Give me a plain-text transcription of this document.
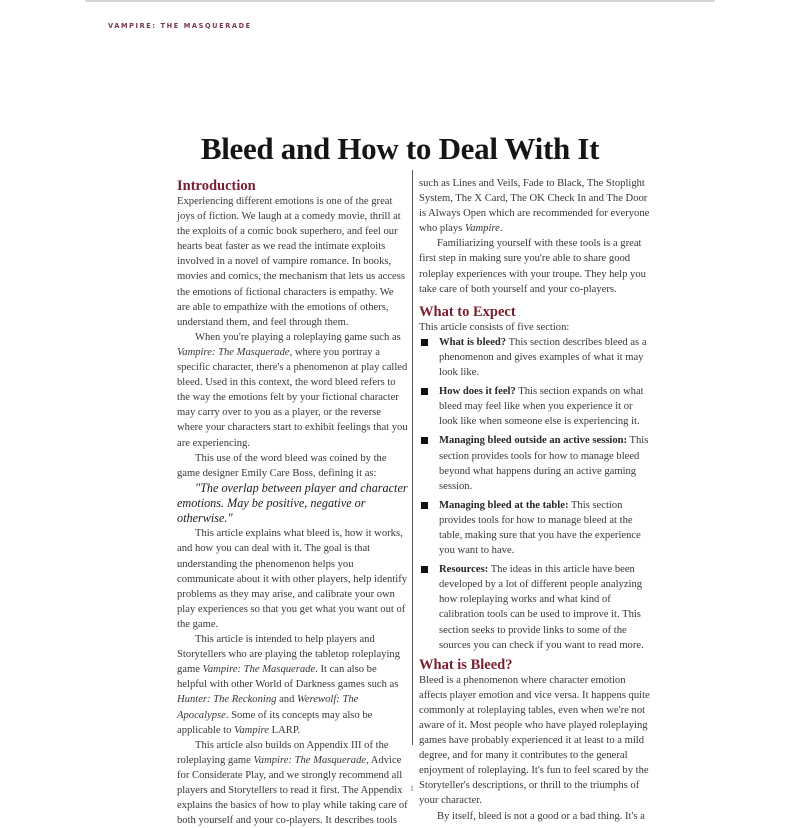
VAMPIRE: THE MASQUERADE
Bleed and How to Deal With It
Introduction

Experiencing different emotions is one of the great joys of fiction. We laugh at a comedy movie, thrill at the exploits of a comic book superhero, and feel our hearts beat faster as we read the intimate exploits involved in a novel of vampire romance. In books, movies and comics, the mechanism that lets us access the emotions of fictional characters is empathy. We are able to empathize with the emotions of others, understand them, and feel through them.

When you're playing a roleplaying game such as Vampire: The Masquerade, where you portray a specific character, there's a phenomenon at play called bleed. Used in this context, the word bleed refers to the way the emotions felt by your fictional character may carry over to you as a player, or the reverse where your characters start to exhibit feelings that you are experiencing.

This use of the word bleed was coined by the game designer Emily Care Boss, defining it as:

"The overlap between player and character emotions. May be positive, negative or otherwise."

This article explains what bleed is, how it works, and how you can deal with it. The goal is that understanding the phenomenon helps you communicate about it with other players, help identify problems as they may arise, and calibrate your own play experiences so that you get what you want out of the game.

This article is intended to help players and Storytellers who are playing the tabletop roleplaying game Vampire: The Masquerade. It can also be helpful with other World of Darkness games such as Hunter: The Reckoning and Werewolf: The Apocalypse. Some of its concepts may also be applicable to Vampire LARP.

This article also builds on Appendix III of the roleplaying game Vampire: The Masquerade, Advice for Considerate Play, and we strongly recommend all players and Storytellers to read it first. The Appendix explains the basics of how to play while taking care of both yourself and your co-players. It describes tools

such as Lines and Veils, Fade to Black, The Stoplight System, The X Card, The OK Check In and The Door is Always Open which are recommended for everyone who plays Vampire.

Familiarizing yourself with these tools is a great first step in making sure you're able to share good roleplay experiences with your troupe. They help you take care of both yourself and your co-players.

What to Expect

This article consists of five section:

What is bleed? This section describes bleed as a phenomenon and gives examples of what it may look like.
How does it feel? This section expands on what bleed may feel like when you experience it or look like when someone else is experiencing it.
Managing bleed outside an active session: This section provides tools for how to manage bleed beyond what happens during an active gaming session.
Managing bleed at the table: This section provides tools for how to manage bleed at the table, making sure that you have the experience you want to have.
Resources: The ideas in this article have been developed by a lot of different people analyzing how roleplaying works and what kind of calibration tools can be used to improve it. This section seeks to provide links to some of the sources you can check if you want to read more.
What is Bleed?

Bleed is a phenomenon where character emotion affects player emotion and vice versa. It happens quite commonly at roleplaying tables, even when we're not aware of it. Most people who have played roleplaying games have probably experienced it at least to a mild degree, and for many it contributes to the general enjoyment of roleplaying. It's fun to feel scared by the Storyteller's descriptions, or thrill to the triumphs of your character.

By itself, bleed is not a good or a bad thing. It's a

1
